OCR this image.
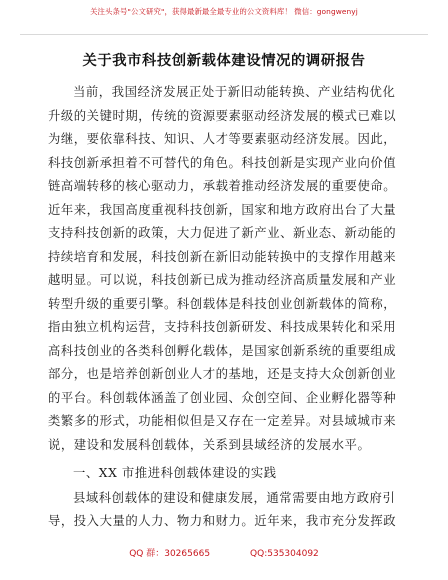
关注头条号"公文研究"，获得最新最全最专业的公文资料库！ 微信：gongwenyj
关于我市科技创新载体建设情况的调研报告
当前，我国经济发展正处于新旧动能转换、产业结构优化
升级的关键时期，传统的资源要素驱动经济发展的模式已难以
为继，要依靠科技、知识、人才等要素驱动经济发展。因此，
科技创新承担着不可替代的角色。科技创新是实现产业向价值
链高端转移的核心驱动力，承载着推动经济发展的重要使命。
近年来，我国高度重视科技创新，国家和地方政府出台了大量
支持科技创新的政策，大力促进了新产业、新业态、新动能的
持续培育和发展，科技创新在新旧动能转换中的支撑作用越来
越明显。可以说，科技创新已成为推动经济高质量发展和产业
转型升级的重要引擎。科创载体是科技创业创新载体的简称，
指由独立机构运营，支持科技创新研发、科技成果转化和采用
高科技创业的各类科创孵化载体，是国家创新系统的重要组成
部分，也是培养创新创业人才的基地，还是支持大众创新创业
的平台。科创载体涵盖了创业园、众创空间、企业孵化器等种
类繁多的形式，功能相似但是又存在一定差异。对县域城市来
说，建设和发展科创载体，关系到县域经济的发展水平。
一、XX 市推进科创载体建设的实践
县域科创载体的建设和健康发展，通常需要由地方政府引
导，投入大量的人力、物力和财力。近年来，我市充分发挥政
QQ 群：30265665	QQ:535304092
